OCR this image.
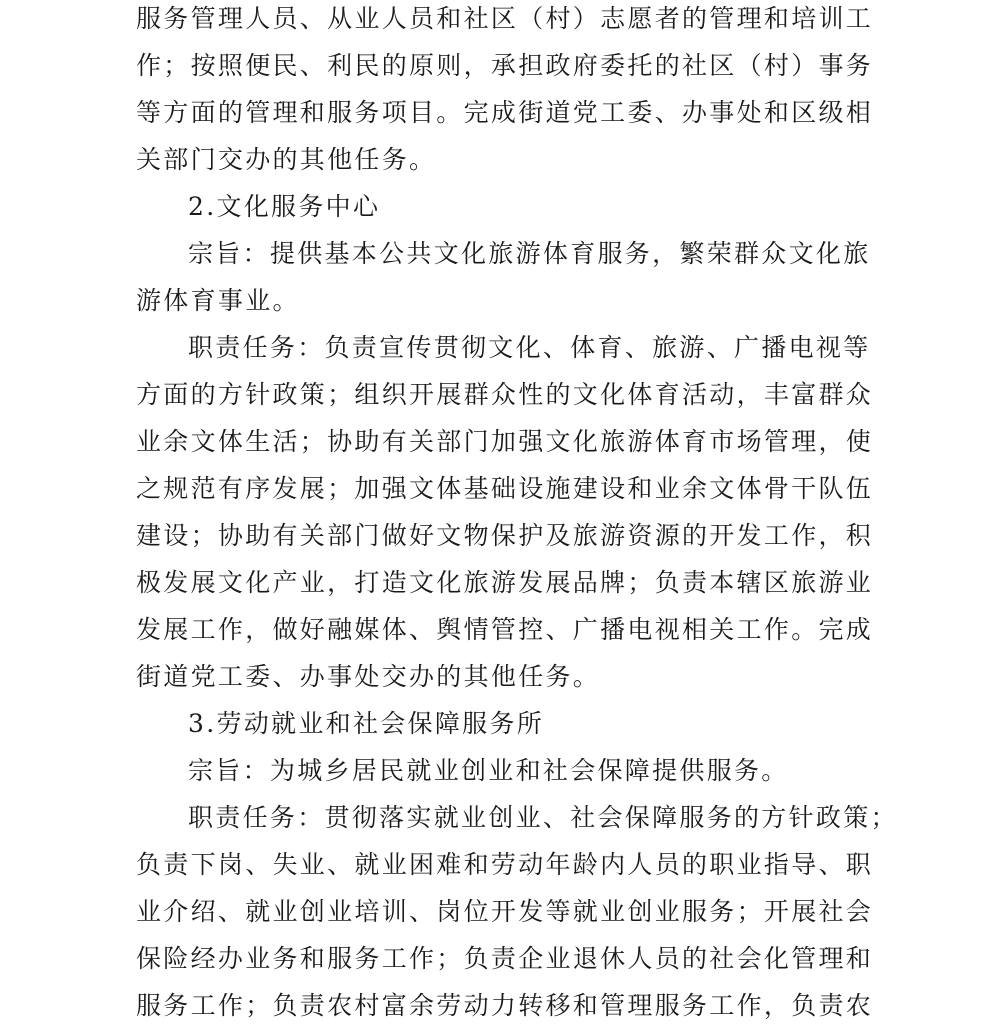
服务管理人员、从业人员和社区（村）志愿者的管理和培训工
作；按照便民、利民的原则，承担政府委托的社区（村）事务
等方面的管理和服务项目。完成街道党工委、办事处和区级相
关部门交办的其他任务。
2.文化服务中心
宗旨：提供基本公共文化旅游体育服务，繁荣群众文化旅
游体育事业。
职责任务：负责宣传贯彻文化、体育、旅游、广播电视等
方面的方针政策；组织开展群众性的文化体育活动，丰富群众
业余文体生活；协助有关部门加强文化旅游体育市场管理，使
之规范有序发展；加强文体基础设施建设和业余文体骨干队伍
建设；协助有关部门做好文物保护及旅游资源的开发工作，积
极发展文化产业，打造文化旅游发展品牌；负责本辖区旅游业
发展工作，做好融媒体、舆情管控、广播电视相关工作。完成
街道党工委、办事处交办的其他任务。
3.劳动就业和社会保障服务所
宗旨：为城乡居民就业创业和社会保障提供服务。
职责任务：贯彻落实就业创业、社会保障服务的方针政策；
负责下岗、失业、就业困难和劳动年龄内人员的职业指导、职
业介绍、就业创业培训、岗位开发等就业创业服务；开展社会
保险经办业务和服务工作；负责企业退休人员的社会化管理和
服务工作；负责农村富余劳动力转移和管理服务工作，负责农
